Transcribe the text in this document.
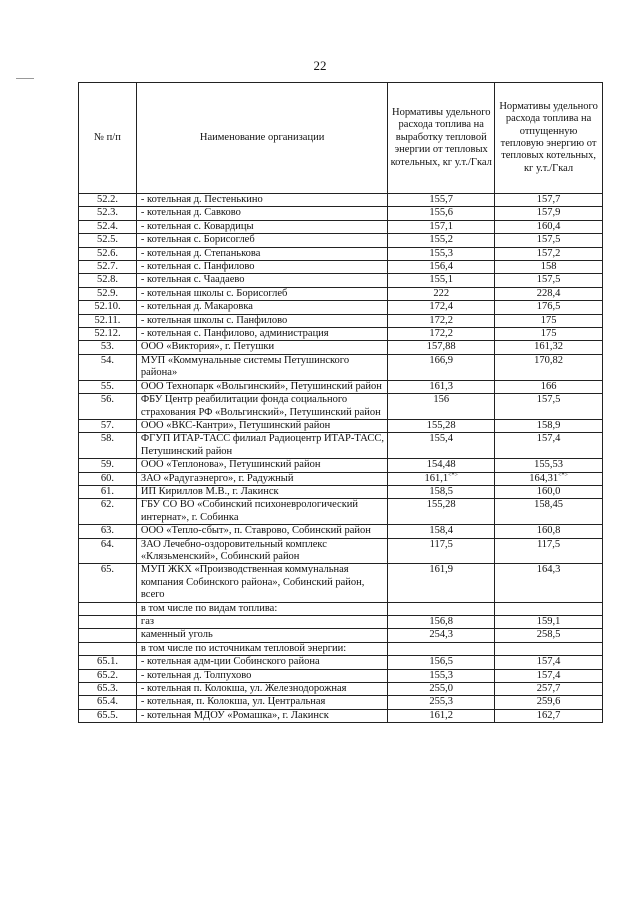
22
№ п/п	Наименование организации	Нормативы удельного расхода топлива на выработку тепловой энергии от тепловых котельных, кг у.т./Гкал	Нормативы удельного расхода топлива на отпущенную тепловую энергию от тепловых котельных, кг у.т./Гкал
52.2.	- котельная д. Пестенькино	155,7	157,7
52.3.	- котельная д. Савково	155,6	157,9
52.4.	- котельная с. Ковардицы	157,1	160,4
52.5.	- котельная с. Борисоглеб	155,2	157,5
52.6.	- котельная д. Степанькова	155,3	157,2
52.7.	- котельная с. Панфилово	156,4	158
52.8.	- котельная с. Чаадаево	155,1	157,5
52.9.	- котельная школы с. Борисоглеб	222	228,4
52.10.	- котельная д. Макаровка	172,4	176,5
52.11.	- котельная школы с. Панфилово	172,2	175
52.12.	- котельная с. Панфилово, администрация	172,2	175
53.	ООО «Виктория», г. Петушки	157,88	161,32
54.	МУП «Коммунальные системы Петушинского района»	166,9	170,82
55.	ООО Технопарк «Вольгинский», Петушинский район	161,3	166
56.	ФБУ Центр реабилитации фонда социального страхования РФ «Вольгинский», Петушинский район	156	157,5
57.	ООО «ВКС-Кантри», Петушинский район	155,28	158,9
58.	ФГУП ИТАР-ТАСС филиал Радиоцентр ИТАР-ТАСС, Петушинский район	155,4	157,4
59.	ООО «Теплонова», Петушинский район	154,48	155,53
60.	ЗАО «Радугаэнерго», г. Радужный	161,1<*>	164,31<*>
61.	ИП Кириллов М.В., г. Лакинск	158,5	160,0
62.	ГБУ СО ВО «Собинский психоневрологический интернат», г. Собинка	155,28	158,45
63.	ООО «Тепло-сбыт», п. Ставрово, Собинский район	158,4	160,8
64.	ЗАО Лечебно-оздоровительный комплекс «Клязьменский», Собинский район	117,5	117,5
65.	МУП ЖКХ «Производственная коммунальная компания Собинского района», Собинский район, всего	161,9	164,3
	в том числе по видам топлива:		
	газ	156,8	159,1
	каменный уголь	254,3	258,5
	в том числе по источникам тепловой энергии:		
65.1.	- котельная адм-ции Собинского района	156,5	157,4
65.2.	- котельная д. Толпухово	155,3	157,4
65.3.	- котельная п. Колокша, ул. Железнодорожная	255,0	257,7
65.4.	- котельная, п. Колокша, ул. Центральная	255,3	259,6
65.5.	- котельная МДОУ «Ромашка», г. Лакинск	161,2	162,7
